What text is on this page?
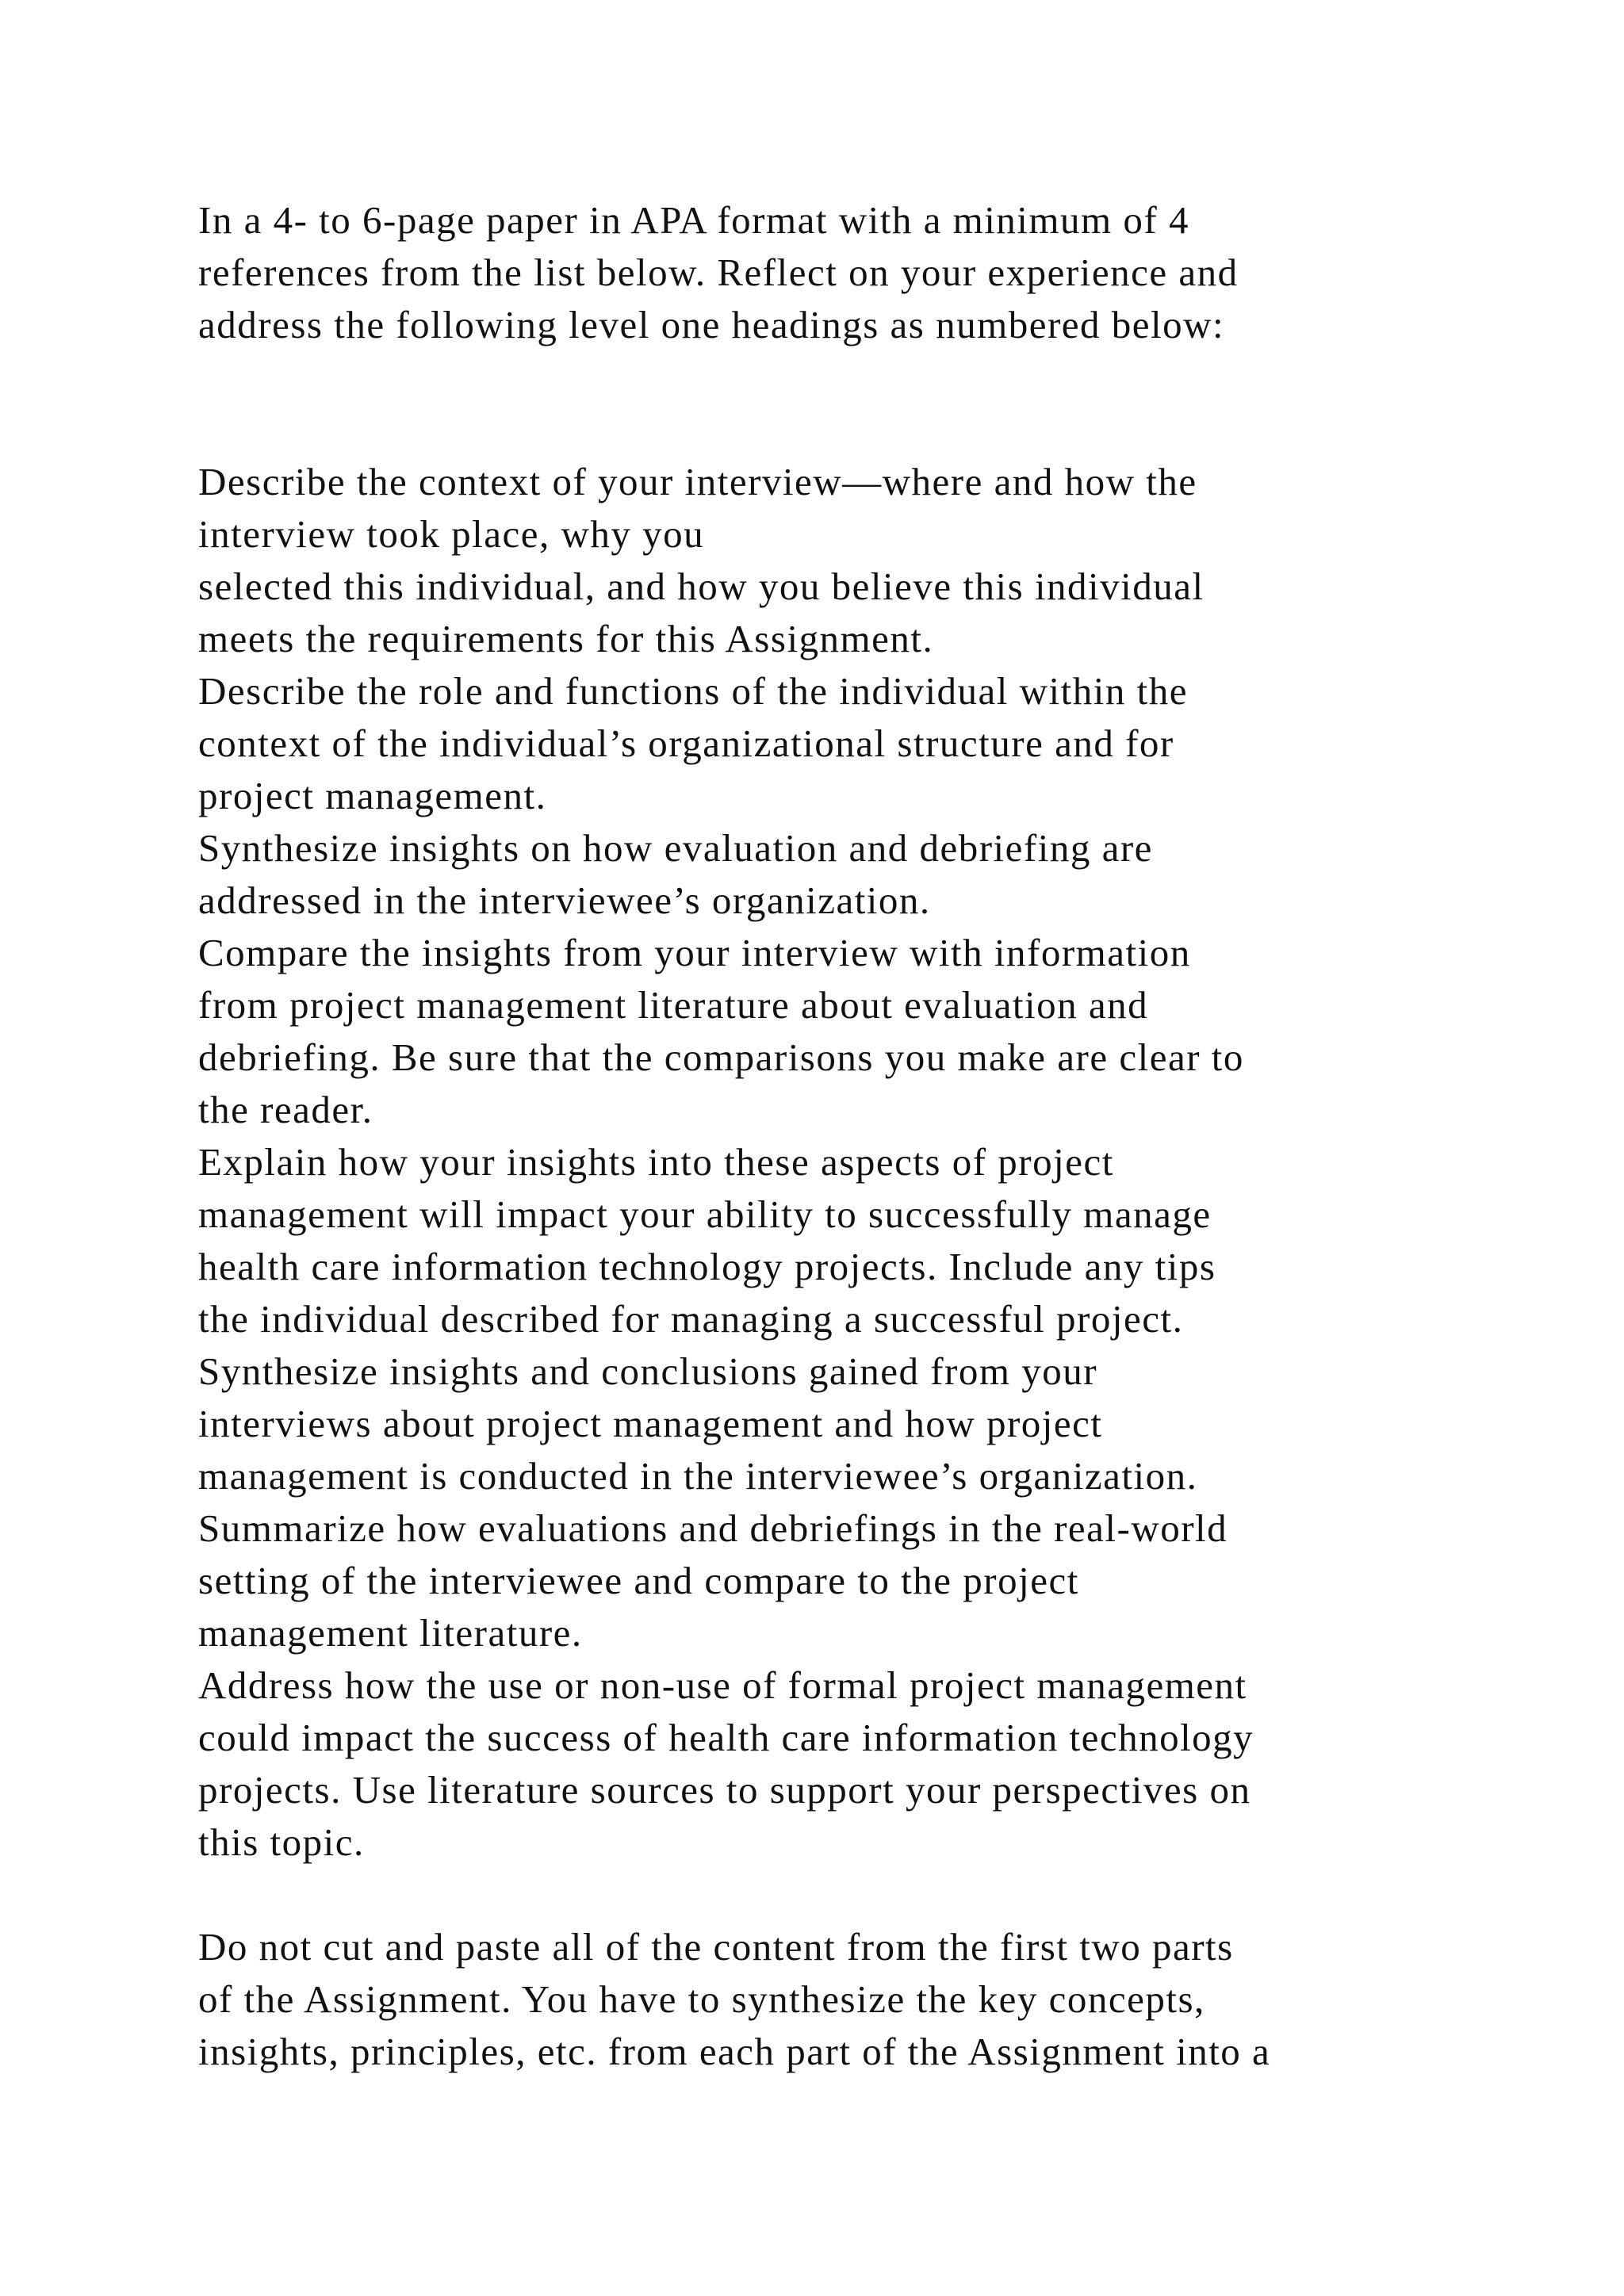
In a 4- to 6-page paper in APA format with a minimum of 4
references from the list below. Reflect on your experience and
address the following level one headings as numbered below:
Describe the context of your interview—where and how the
interview took place, why you
selected this individual, and how you believe this individual
meets the requirements for this Assignment.
Describe the role and functions of the individual within the
context of the individual’s organizational structure and for
project management.
Synthesize insights on how evaluation and debriefing are
addressed in the interviewee’s organization.
Compare the insights from your interview with information
from project management literature about evaluation and
debriefing. Be sure that the comparisons you make are clear to
the reader.
Explain how your insights into these aspects of project
management will impact your ability to successfully manage
health care information technology projects. Include any tips
the individual described for managing a successful project.
Synthesize insights and conclusions gained from your
interviews about project management and how project
management is conducted in the interviewee’s organization.
Summarize how evaluations and debriefings in the real-world
setting of the interviewee and compare to the project
management literature.
Address how the use or non-use of formal project management
could impact the success of health care information technology
projects. Use literature sources to support your perspectives on
this topic.
Do not cut and paste all of the content from the first two parts
of the Assignment. You have to synthesize the key concepts,
insights, principles, etc. from each part of the Assignment into a
